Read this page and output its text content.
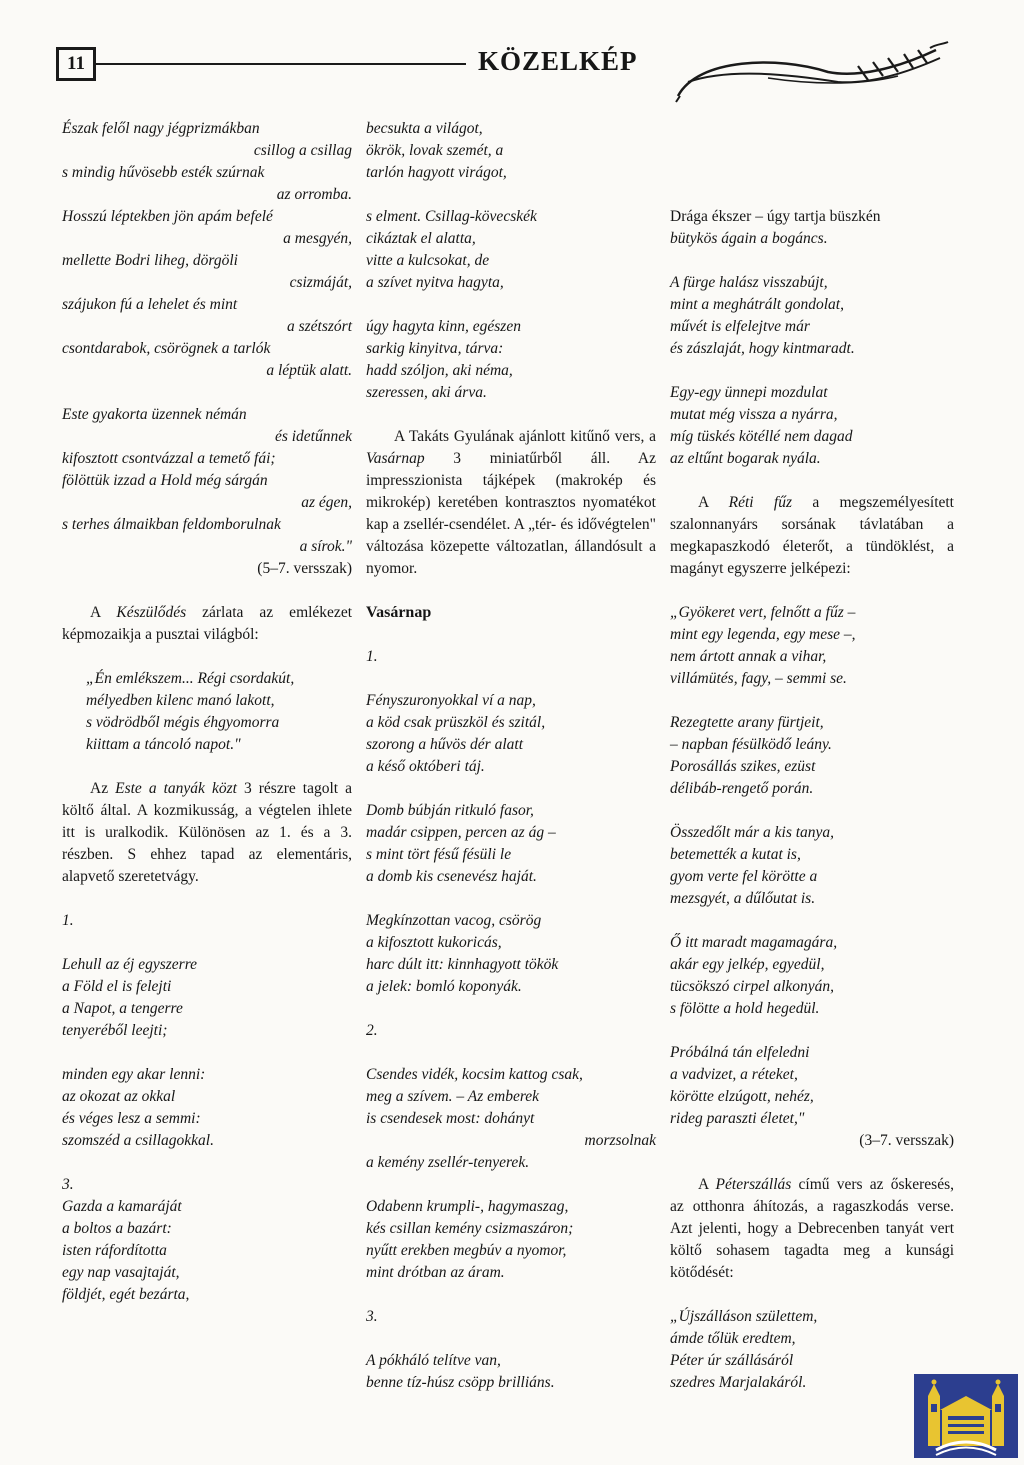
11	KÖZELKÉP
Észak felől nagy jégprizmákban
csillog a csillag
s mindig hűvösebb esték szúrnak
az orromba.
Hosszú léptekben jön apám befelé
a mesgyén,
mellette Bodri liheg, dörgöli
csizmáját,
szájukon fú a lehelet és mint
a szétszórt
csontdarabok, csörögnek a tarlók
a léptük alatt.
Este gyakorta üzennek némán
és idetűnnek
kifosztott csontvázzal a temető fái;
fölöttük izzad a Hold még sárgán
az égen,
s terhes álmaikban feldomborulnak
a sírok."
(5–7. versszak)

A Készülődés zárlata az emlékezet képmozaikja a pusztai világból:

„Én emlékszem... Régi csordakút,
mélyedben kilenc manó lakott,
s vödrödből mégis éhgyomorra
kiittam a táncoló napot."

Az Este a tanyák közt 3 részre tagolt a költő által. A kozmikusság, a végtelen ihlete itt is uralkodik. Különösen az 1. és a 3. részben. S ehhez tapad az elementáris, alapvető szeretetvágy.

1.
Lehull az éj egyszerre
a Föld el is felejti
a Napot, a tengerre
tenyeréből leejti;
minden egy akar lenni:
az okozat az okkal
és véges lesz a semmi:
szomszéd a csillagokkal.
3.
Gazda a kamaráját
a boltos a bazárt:
isten ráfordította
egy nap vasajtaját,
földjét, egét bezárta,
becsukta a világot,
ökrök, lovak szemét, a
tarlón hagyott virágot,
s elment. Csillag-kövecskék
cikáztak el alatta,
vitte a kulcsokat, de
a szívet nyitva hagyta,
úgy hagyta kinn, egészen
sarkig kinyitva, tárva:
hadd szóljon, aki néma,
szeressen, aki árva.

A Takáts Gyulának ajánlott kitűnő vers, a Vasárnap 3 miniatűrből áll. Az impresszionista tájképek (makrokép és mikrokép) keretében kontrasztos nyomatékot kap a zsellér-csendélet. A „tér- és idővégtelen" változása közepette változatlan, állandósult a nyomor.

Vasárnap

1.
Fényszuronyokkal ví a nap,
a köd csak prüszköl és szitál,
szorong a hűvös dér alatt
a késő októberi táj.
Domb búbján ritkuló fasor,
madár csippen, percen az ág –
s mint tört fésű fésüli le
a domb kis csenevész haját.
Megkínzottan vacog, csörög
a kifosztott kukoricás,
harc dúlt itt: kinnhagyott tökök
a jelek: bomló koponyák.
2.
Csendes vidék, kocsim kattog csak,
meg a szívem. – Az emberek
is csendesek most: dohányt
morzsolnak
a kemény zsellér-tenyerek.
Odabenn krumpli-, hagymaszag,
kés csillan kemény csizmaszáron;
nyűtt erekben megbúv a nyomor,
mint drótban az áram.
3.
A pókháló telítve van,
benne tíz-húsz csöpp brilliáns.
Drága ékszer – úgy tartja büszkén
bütykös ágain a bogáncs.
A fürge halász visszabújt,
mint a meghátrált gondolat,
művét is elfelejtve már
és zászlaját, hogy kintmaradt.
Egy-egy ünnepi mozdulat
mutat még vissza a nyárra,
míg tüskés kötéllé nem dagad
az eltűnt bogarak nyála.

A Réti fűz a megszemélyesített szalonnanyárs sorsának távlatában a megkapaszkodó életerőt, a tündöklést, a magányt egyszerre jelképezi:

„Gyökeret vert, felnőtt a fűz –
mint egy legenda, egy mese –,
nem ártott annak a vihar,
villámütés, fagy, – semmi se.
Rezegtette arany fürtjeit,
– napban fésülködő leány.
Porosállás szikes, ezüst
délibáb-rengető porán.
Összedőlt már a kis tanya,
betemették a kutat is,
gyom verte fel körötte a
mezsgyét, a dűlőutat is.
Ő itt maradt magamagára,
akár egy jelkép, egyedül,
tücsökszó cirpel alkonyán,
s fölötte a hold hegedül.
Próbálná tán elfeledni
a vadvizet, a réteket,
körötte elzúgott, nehéz,
rideg paraszti életet,"
(3–7. versszak)

A Péterszállás című vers az őskeresés, az otthonra áhítozás, a ragaszkodás verse. Azt jelenti, hogy a Debrecenben tanyát vert költő sohasem tagadta meg a kunsági kötődését:

„Újszálláson születtem,
ámde tőlük eredtem,
Péter úr szállásáról
szedres Marjalakáról.
